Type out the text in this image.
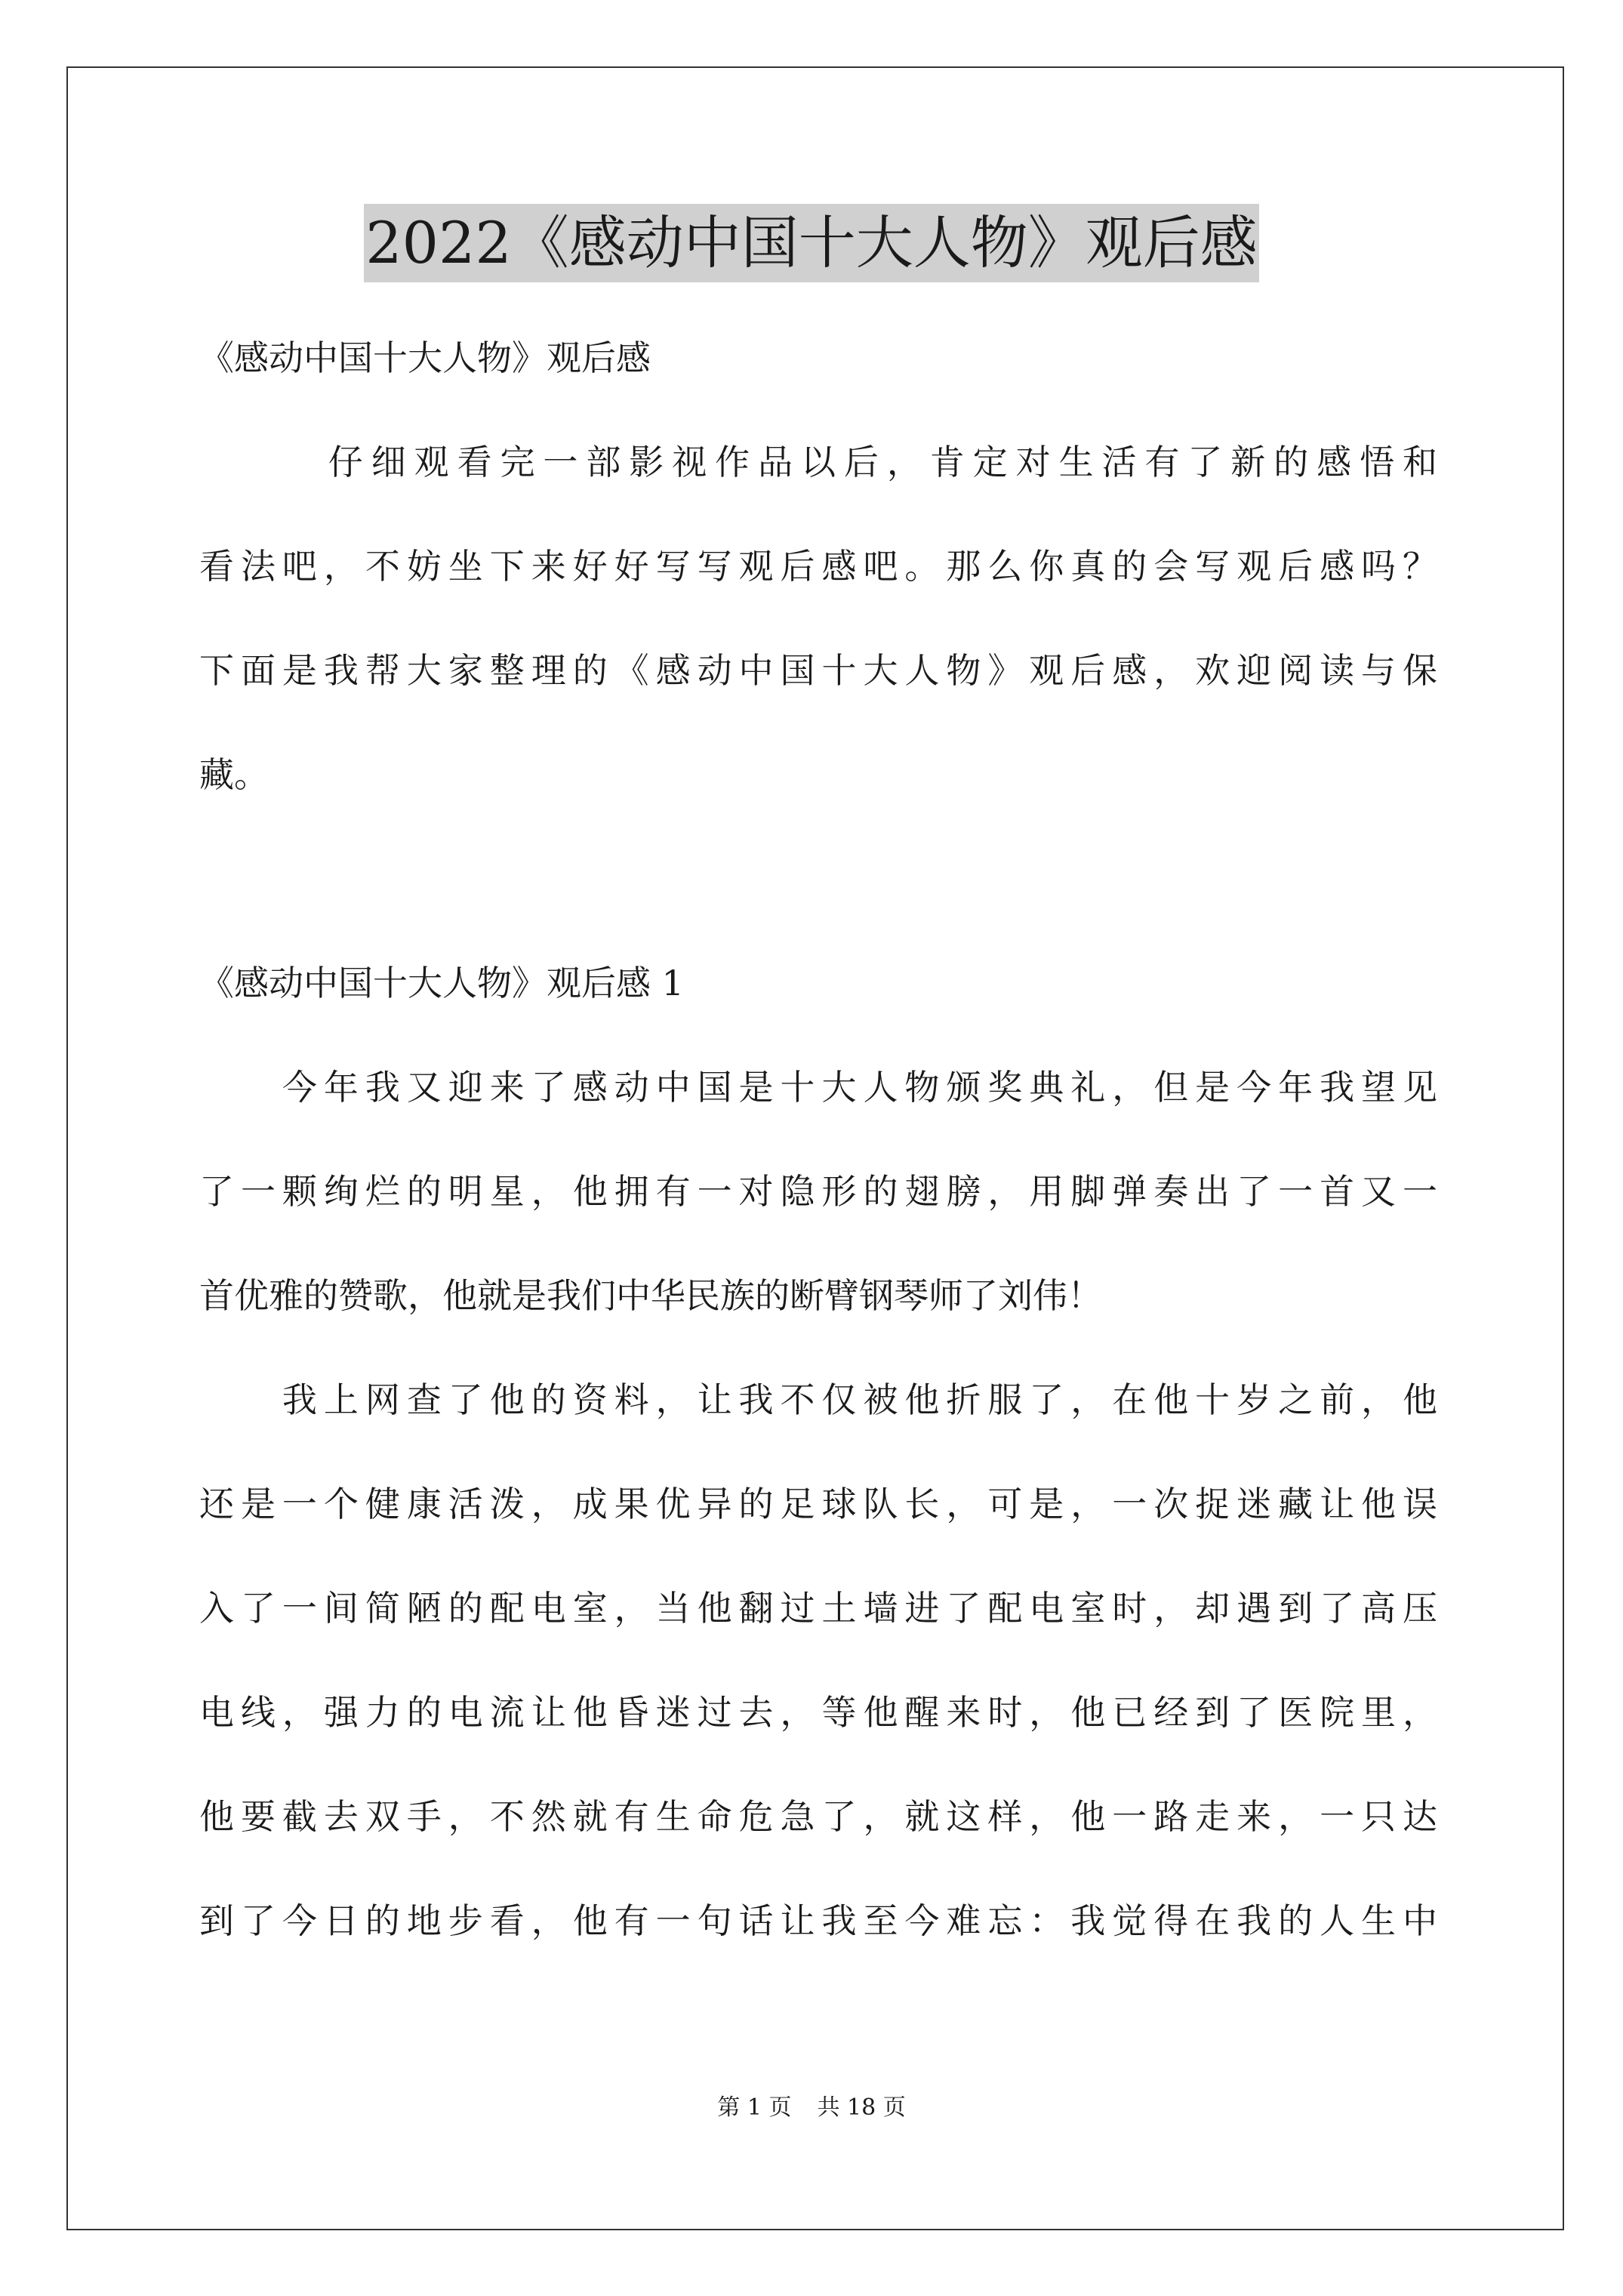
2022《感动中国十大人物》观后感
《感动中国十大人物》观后感
　　　仔细观看完一部影视作品以后，肯定对生活有了新的感悟和
看法吧，不妨坐下来好好写写观后感吧。那么你真的会写观后感吗？
下面是我帮大家整理的《感动中国十大人物》观后感，欢迎阅读与保
藏。
《感动中国十大人物》观后感 1
　　今年我又迎来了感动中国是十大人物颁奖典礼，但是今年我望见
了一颗绚烂的明星，他拥有一对隐形的翅膀，用脚弹奏出了一首又一
首优雅的赞歌，他就是我们中华民族的断臂钢琴师了刘伟！
　　我上网查了他的资料，让我不仅被他折服了，在他十岁之前，他
还是一个健康活泼，成果优异的足球队长，可是，一次捉迷藏让他误
入了一间简陋的配电室，当他翻过土墙进了配电室时，却遇到了高压
电线，强力的电流让他昏迷过去，等他醒来时，他已经到了医院里，
他要截去双手，不然就有生命危急了，就这样，他一路走来，一只达
到了今日的地步看，他有一句话让我至今难忘：我觉得在我的人生中
第 1 页 共 18 页
